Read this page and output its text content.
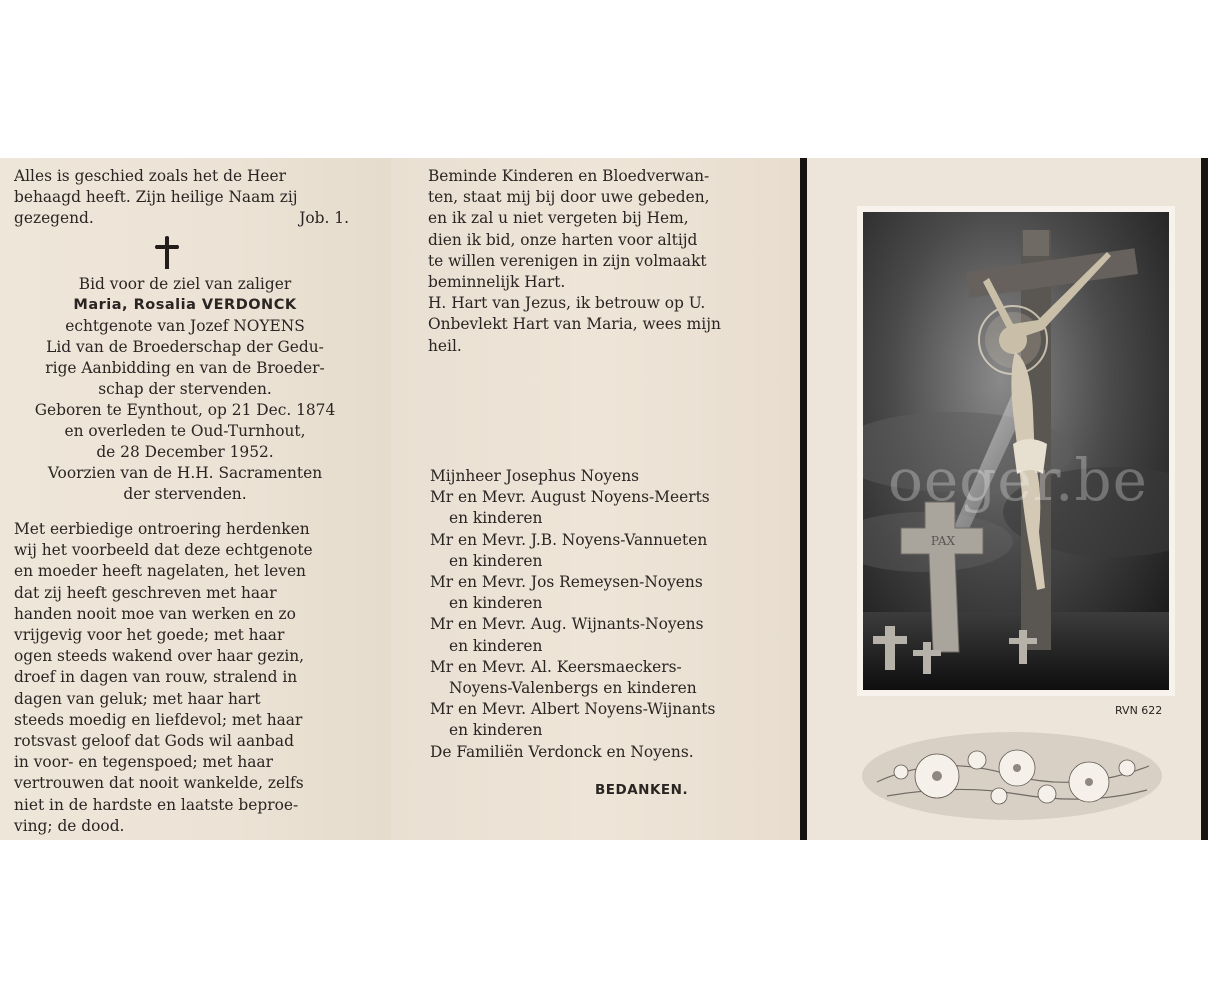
Alles is geschied zoals het de Heer
behaagd heeft. Zijn heilige Naam zij
gezegend.	Job. 1.
Bid voor de ziel van zaliger
Maria, Rosalia VERDONCK
echtgenote van Jozef NOYENS
Lid van de Broederschap der Gedu-
rige Aanbidding en van de Broeder-
schap der stervenden.
Geboren te Eynthout, op 21 Dec. 1874
en overleden te Oud-Turnhout,
de 28 December 1952.
Voorzien van de H.H. Sacramenten
der stervenden.
Met eerbiedige ontroering herdenken
wij het voorbeeld dat deze echtgenote
en moeder heeft nagelaten, het leven
dat zij heeft geschreven met haar
handen nooit moe van werken en zo
vrijgevig voor het goede; met haar
ogen steeds wakend over haar gezin,
droef in dagen van rouw, stralend in
dagen van geluk; met haar hart
steeds moedig en liefdevol; met haar
rotsvast geloof dat Gods wil aanbad
in voor- en tegenspoed; met haar
vertrouwen dat nooit wankelde, zelfs
niet in de hardste en laatste beproe-
ving; de dood.
Beminde Kinderen en Bloedverwan-
ten, staat mij bij door uwe gebeden,
en ik zal u niet vergeten bij Hem,
dien ik bid, onze harten voor altijd
te willen verenigen in zijn volmaakt
beminnelijk Hart.
H. Hart van Jezus, ik betrouw op U.
Onbevlekt Hart van Maria, wees mijn
heil.
Mijnheer Josephus Noyens
Mr en Mevr. August Noyens-Meerts
en kinderen
Mr en Mevr. J.B. Noyens-Vannueten
en kinderen
Mr en Mevr. Jos Remeysen-Noyens
en kinderen
Mr en Mevr. Aug. Wijnants-Noyens
en kinderen
Mr en Mevr. Al. Keersmaeckers-
Noyens-Valenbergs en kinderen
Mr en Mevr. Albert Noyens-Wijnants
en kinderen
De Familiën Verdonck en Noyens.
BEDANKEN.
PAX
RVN 622
oeger.be
